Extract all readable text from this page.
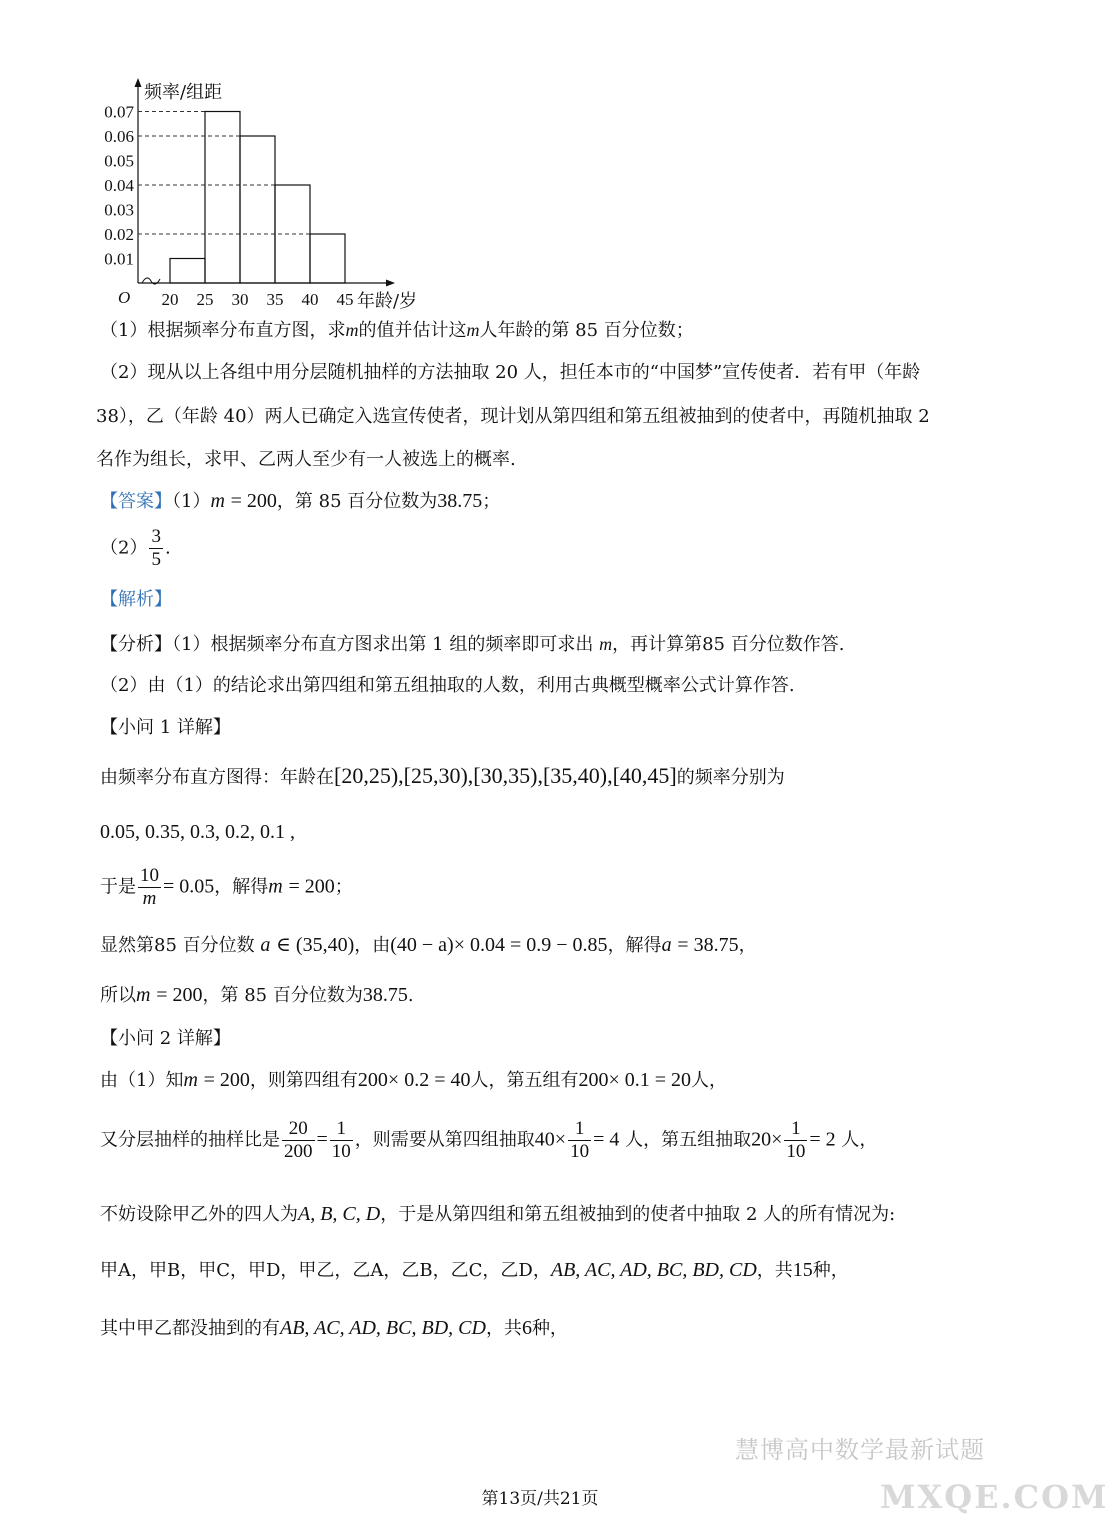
0.01
0.02
0.03
0.04
0.05
0.06
0.07
20 25 30 35 40 45
O
频率/组距
年龄/岁
（1）根据频率分布直方图，求m的值并估计这m人年龄的第 85 百分位数；
（2）现从以上各组中用分层随机抽样的方法抽取 20 人，担任本市的“中国梦”宣传使者．若有甲（年龄
38），乙（年龄 40）两人已确定入选宣传使者，现计划从第四组和第五组被抽到的使者中，再随机抽取 2
名作为组长，求甲、乙两人至少有一人被选上的概率.
【答案】（1）m = 200，第 85 百分位数为38.75；
$(2) \frac{3}{5}$ .
【解析】
【分析】（1）根据频率分布直方图求出第 1 组的频率即可求出 m，再计算第85 百分位数作答.
（2）由（1）的结论求出第四组和第五组抽取的人数，利用古典概型概率公式计算作答.
【小问 1 详解】
由频率分布直方图得：年龄在[20,25),[25,30),[30,35),[35,40),[40,45]的频率分别为
0.05, 0.35, 0.3, 0.2, 0.1 ,
于是 $\frac{10}{m} = 0.05$，解得m = 200；
显然第85 百分位数 a ∈ (35,40)，由(40 − a)× 0.04 = 0.9 − 0.85，解得a = 38.75，
所以m = 200，第 85 百分位数为38.75.
【小问 2 详解】
由（1）知m = 200，则第四组有200× 0.2 = 40人，第五组有200× 0.1 = 20人，
又分层抽样的抽样比是 $\frac{20}{200} = \frac{1}{10}$ ，则需要从第四组抽取$40\times \frac{1}{10} = 4$ 人，第五组抽取$20\times \frac{1}{10} = 2$ 人，
不妨设除甲乙外的四人为A, B, C, D，于是从第四组和第五组被抽到的使者中抽取 2 人的所有情况为:
甲A，甲B，甲C，甲D，甲乙，乙A，乙B，乙C，乙D，AB, AC, AD, BC, BD, CD，共15种，
其中甲乙都没抽到的有AB, AC, AD, BC, BD, CD，共6种，
慧博高中数学最新试题
MXQE.COM
第13页/共21页
